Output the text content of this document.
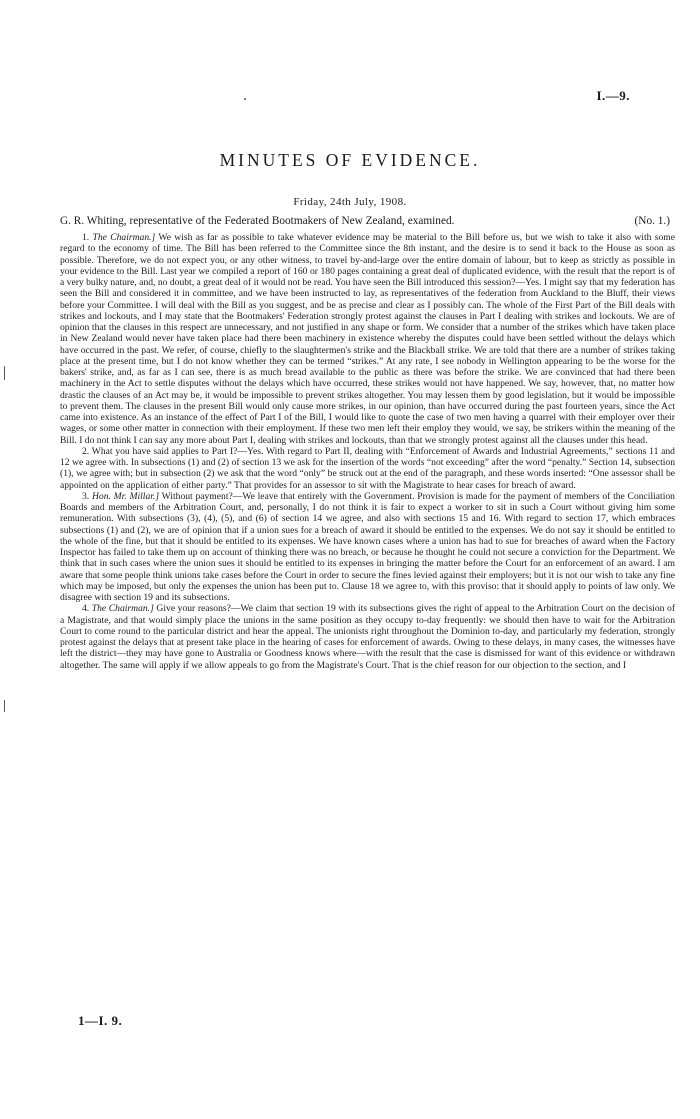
I.—9.
MINUTES OF EVIDENCE.
Friday, 24th July, 1908.
G. R. Whiting, representative of the Federated Bootmakers of New Zealand, examined.	(No. 1.)

1. The Chairman.] We wish as far as possible to take whatever evidence may be material to the Bill before us, but we wish to take it also with some regard to the economy of time. The Bill has been referred to the Committee since the 8th instant, and the desire is to send it back to the House as soon as possible. Therefore, we do not expect you, or any other witness, to travel by-and-large over the entire domain of labour, but to keep as strictly as possible in your evidence to the Bill. Last year we compiled a report of 160 or 180 pages containing a great deal of duplicated evidence, with the result that the report is of a very bulky nature, and, no doubt, a great deal of it would not be read. You have seen the Bill introduced this session?—Yes. I might say that my federation has seen the Bill and considered it in committee, and we have been instructed to lay, as representatives of the federation from Auckland to the Bluff, their views before your Committee. I will deal with the Bill as you suggest, and be as precise and clear as I possibly can. The whole of the First Part of the Bill deals with strikes and lockouts, and I may state that the Bootmakers' Federation strongly protest against the clauses in Part I dealing with strikes and lockouts. We are of opinion that the clauses in this respect are unnecessary, and not justified in any shape or form. We consider that a number of the strikes which have taken place in New Zealand would never have taken place had there been machinery in existence whereby the disputes could have been settled without the delays which have occurred in the past. We refer, of course, chiefly to the slaughtermen's strike and the Blackball strike. We are told that there are a number of strikes taking place at the present time, but I do not know whether they can be termed “strikes.” At any rate, I see nobody in Wellington appearing to be the worse for the bakers' strike, and, as far as I can see, there is as much bread available to the public as there was before the strike. We are convinced that had there been machinery in the Act to settle disputes without the delays which have occurred, these strikes would not have happened. We say, however, that, no matter how drastic the clauses of an Act may be, it would be impossible to prevent strikes altogether. You may lessen them by good legislation, but it would be impossible to prevent them. The clauses in the present Bill would only cause more strikes, in our opinion, than have occurred during the past fourteen years, since the Act came into existence. As an instance of the effect of Part I of the Bill, I would like to quote the case of two men having a quarrel with their employer over their wages, or some other matter in connection with their employment. If these two men left their employ they would, we say, be strikers within the meaning of the Bill. I do not think I can say any more about Part I, dealing with strikes and lockouts, than that we strongly protest against all the clauses under this head.

2. What you have said applies to Part I?—Yes. With regard to Part II, dealing with “Enforcement of Awards and Industrial Agreements,” sections 11 and 12 we agree with. In subsections (1) and (2) of section 13 we ask for the insertion of the words “not exceeding” after the word “penalty.” Section 14, subsection (1), we agree with; but in subsection (2) we ask that the word “only” be struck out at the end of the paragraph, and these words inserted: “One assessor shall be appointed on the application of either party.” That provides for an assessor to sit with the Magistrate to hear cases for breach of award.

3. Hon. Mr. Millar.] Without payment?—We leave that entirely with the Government. Provision is made for the payment of members of the Conciliation Boards and members of the Arbitration Court, and, personally, I do not think it is fair to expect a worker to sit in such a Court without giving him some remuneration. With subsections (3), (4), (5), and (6) of section 14 we agree, and also with sections 15 and 16. With regard to section 17, which embraces subsections (1) and (2), we are of opinion that if a union sues for a breach of award it should be entitled to the expenses. We do not say it should be entitled to the whole of the fine, but that it should be entitled to its expenses. We have known cases where a union has had to sue for breaches of award when the Factory Inspector has failed to take them up on account of thinking there was no breach, or because he thought he could not secure a conviction for the Department. We think that in such cases where the union sues it should be entitled to its expenses in bringing the matter before the Court for an enforcement of an award. I am aware that some people think unions take cases before the Court in order to secure the fines levied against their employers; but it is not our wish to take any fine which may be imposed, but only the expenses the union has been put to. Clause 18 we agree to, with this proviso: that it should apply to points of law only. We disagree with section 19 and its subsections.

4. The Chairman.] Give your reasons?—We claim that section 19 with its subsections gives the right of appeal to the Arbitration Court on the decision of a Magistrate, and that would simply place the unions in the same position as they occupy to-day frequently: we should then have to wait for the Arbitration Court to come round to the particular district and hear the appeal. The unionists right throughout the Dominion to-day, and particularly my federation, strongly protest against the delays that at present take place in the hearing of cases for enforcement of awards. Owing to these delays, in many cases, the witnesses have left the district—they may have gone to Australia or Goodness knows where—with the result that the case is dismissed for want of this evidence or withdrawn altogether. The same will apply if we allow appeals to go from the Magistrate's Court. That is the chief reason for our objection to the section, and I

1—I. 9.
